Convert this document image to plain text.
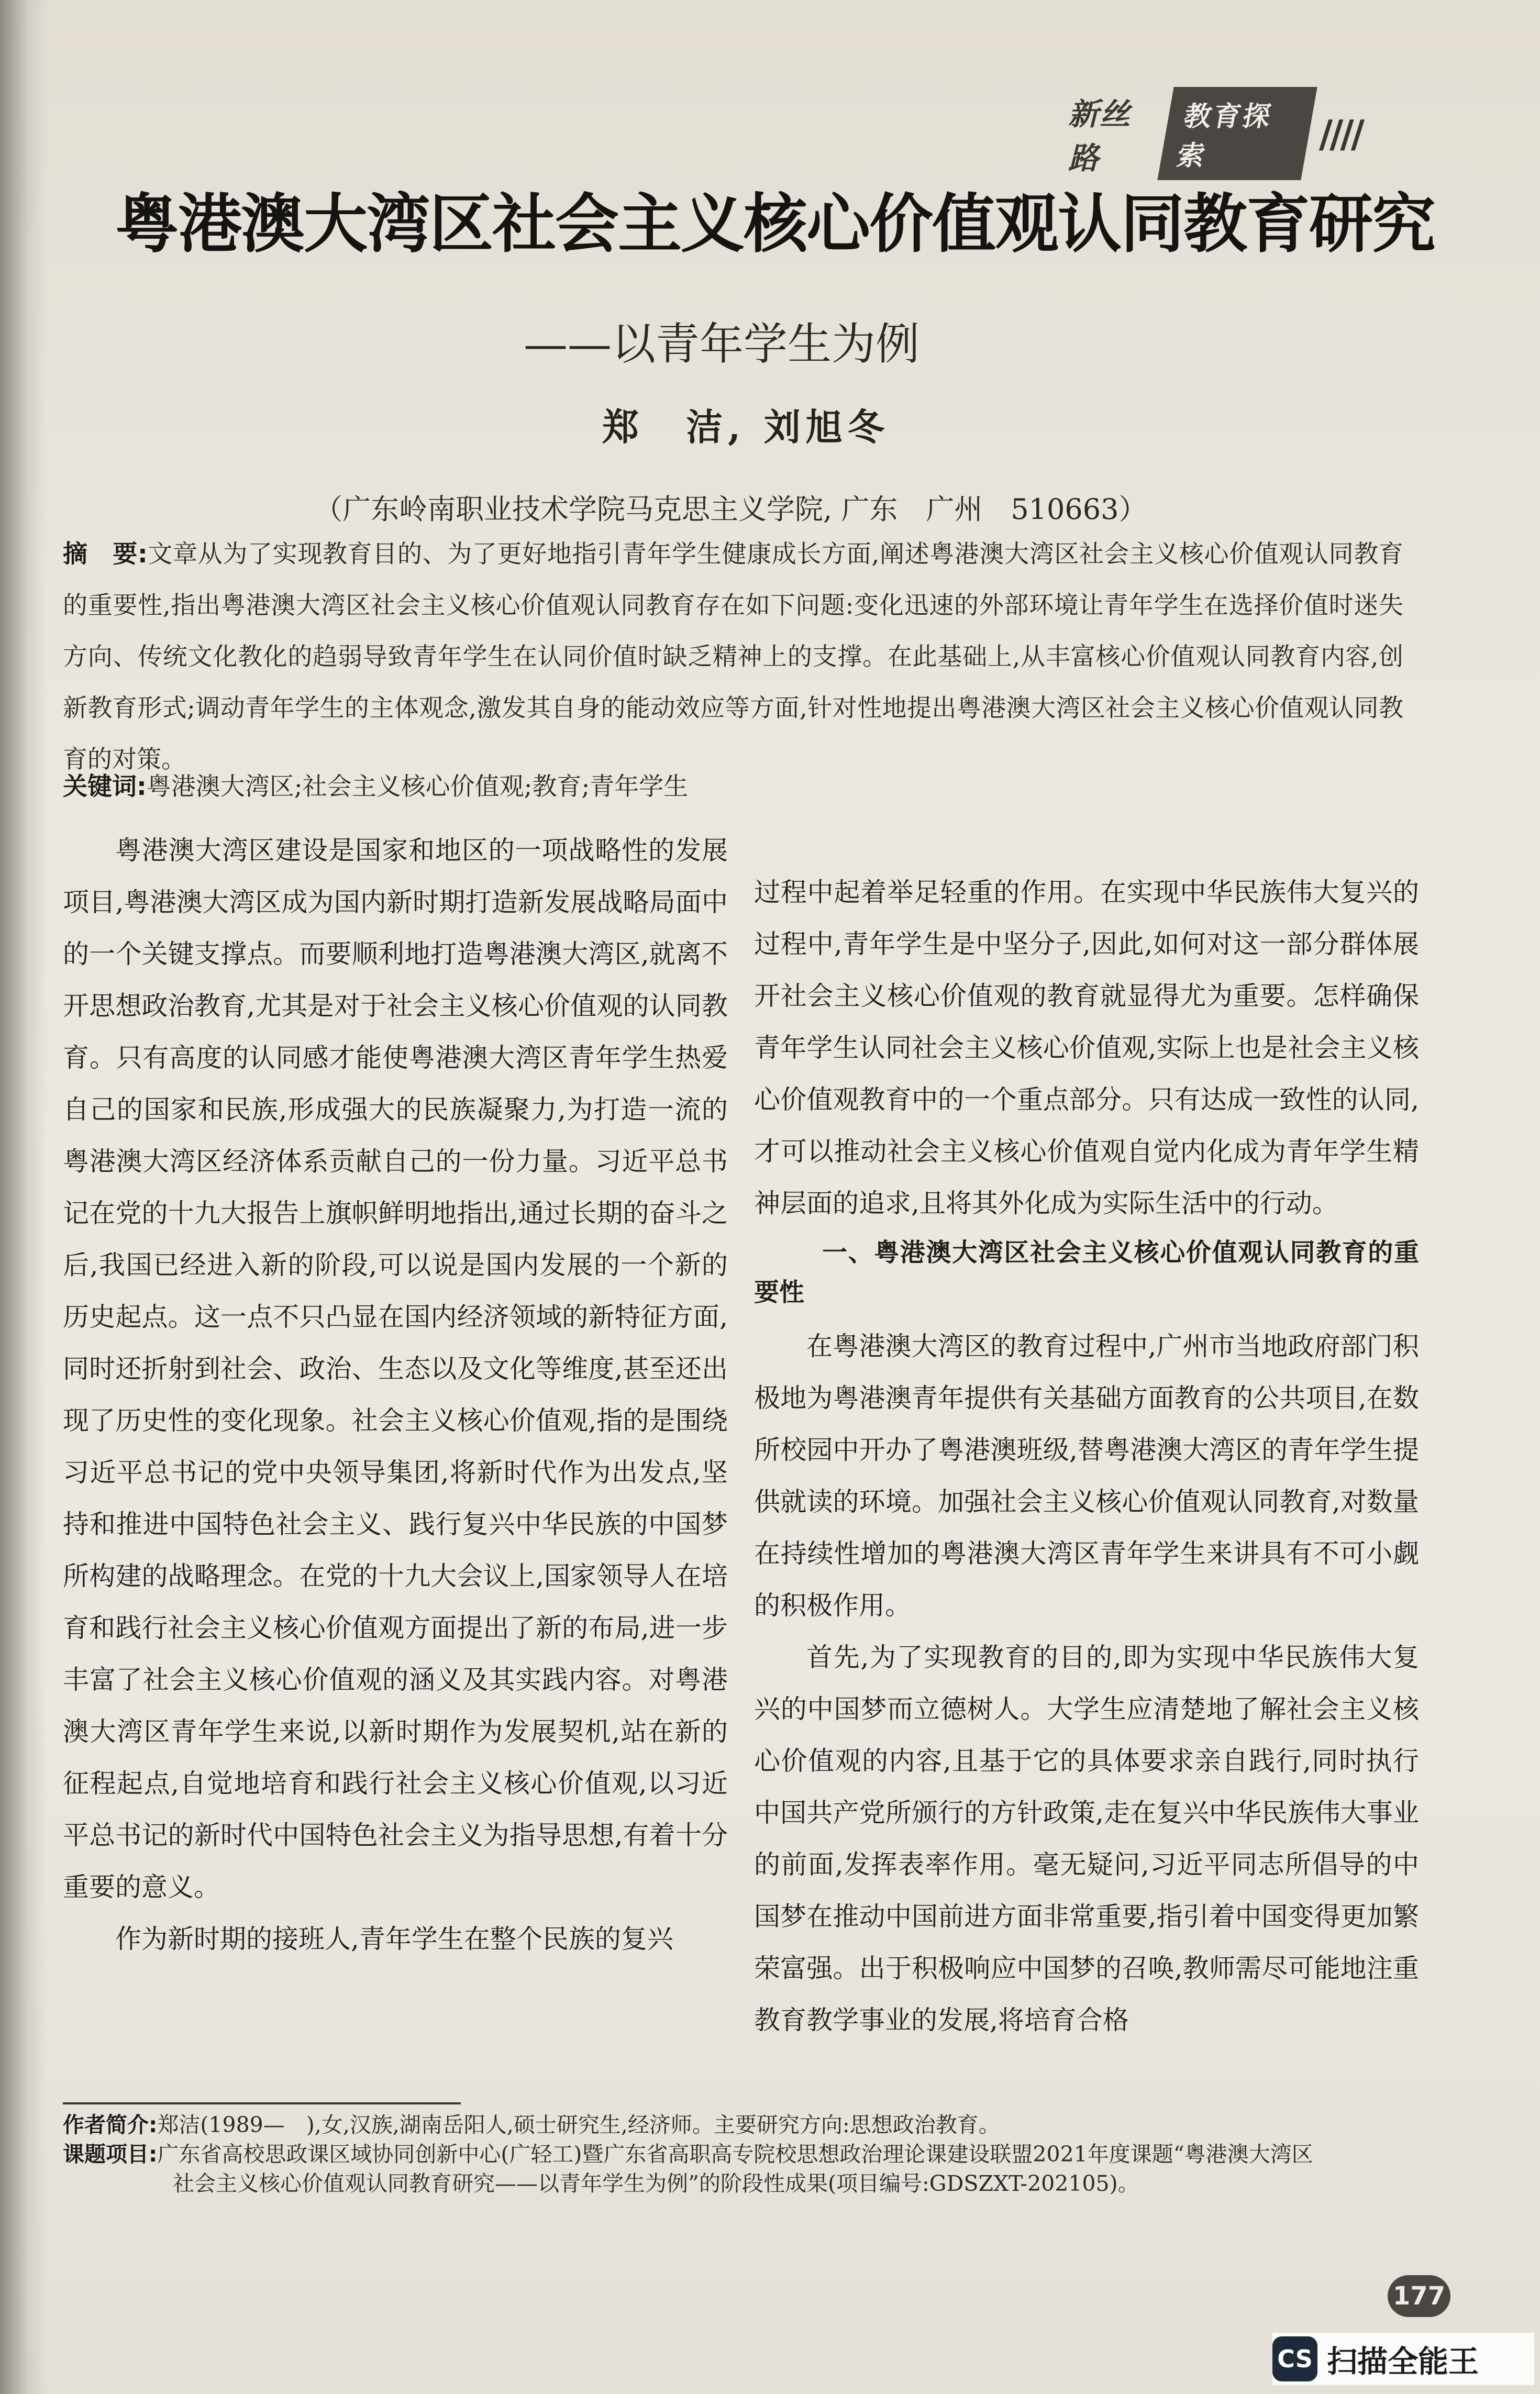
新丝路
教育探索
////
粤港澳大湾区社会主义核心价值观认同教育研究
——以青年学生为例
郑　洁, 刘旭冬
（广东岭南职业技术学院马克思主义学院, 广东　广州　510663）
摘　要:文章从为了实现教育目的、为了更好地指引青年学生健康成长方面,阐述粤港澳大湾区社会主义核心价值观认同教育的重要性,指出粤港澳大湾区社会主义核心价值观认同教育存在如下问题:变化迅速的外部环境让青年学生在选择价值时迷失方向、传统文化教化的趋弱导致青年学生在认同价值时缺乏精神上的支撑。在此基础上,从丰富核心价值观认同教育内容,创新教育形式;调动青年学生的主体观念,激发其自身的能动效应等方面,针对性地提出粤港澳大湾区社会主义核心价值观认同教育的对策。
关键词:粤港澳大湾区;社会主义核心价值观;教育;青年学生

粤港澳大湾区建设是国家和地区的一项战略性的发展项目,粤港澳大湾区成为国内新时期打造新发展战略局面中的一个关键支撑点。而要顺利地打造粤港澳大湾区,就离不开思想政治教育,尤其是对于社会主义核心价值观的认同教育。只有高度的认同感才能使粤港澳大湾区青年学生热爱自己的国家和民族,形成强大的民族凝聚力,为打造一流的粤港澳大湾区经济体系贡献自己的一份力量。习近平总书记在党的十九大报告上旗帜鲜明地指出,通过长期的奋斗之后,我国已经进入新的阶段,可以说是国内发展的一个新的历史起点。这一点不只凸显在国内经济领域的新特征方面,同时还折射到社会、政治、生态以及文化等维度,甚至还出现了历史性的变化现象。社会主义核心价值观,指的是围绕习近平总书记的党中央领导集团,将新时代作为出发点,坚持和推进中国特色社会主义、践行复兴中华民族的中国梦所构建的战略理念。在党的十九大会议上,国家领导人在培育和践行社会主义核心价值观方面提出了新的布局,进一步丰富了社会主义核心价值观的涵义及其实践内容。对粤港澳大湾区青年学生来说,以新时期作为发展契机,站在新的征程起点,自觉地培育和践行社会主义核心价值观,以习近平总书记的新时代中国特色社会主义为指导思想,有着十分重要的意义。

作为新时期的接班人,青年学生在整个民族的复兴

过程中起着举足轻重的作用。在实现中华民族伟大复兴的过程中,青年学生是中坚分子,因此,如何对这一部分群体展开社会主义核心价值观的教育就显得尤为重要。怎样确保青年学生认同社会主义核心价值观,实际上也是社会主义核心价值观教育中的一个重点部分。只有达成一致性的认同,才可以推动社会主义核心价值观自觉内化成为青年学生精神层面的追求,且将其外化成为实际生活中的行动。

一、粤港澳大湾区社会主义核心价值观认同教育的重要性

在粤港澳大湾区的教育过程中,广州市当地政府部门积极地为粤港澳青年提供有关基础方面教育的公共项目,在数所校园中开办了粤港澳班级,替粤港澳大湾区的青年学生提供就读的环境。加强社会主义核心价值观认同教育,对数量在持续性增加的粤港澳大湾区青年学生来讲具有不可小觑的积极作用。

首先,为了实现教育的目的,即为实现中华民族伟大复兴的中国梦而立德树人。大学生应清楚地了解社会主义核心价值观的内容,且基于它的具体要求亲自践行,同时执行中国共产党所颁行的方针政策,走在复兴中华民族伟大事业的前面,发挥表率作用。毫无疑问,习近平同志所倡导的中国梦在推动中国前进方面非常重要,指引着中国变得更加繁荣富强。出于积极响应中国梦的召唤,教师需尽可能地注重教育教学事业的发展,将培育合格

作者简介:郑洁(1989—　),女,汉族,湖南岳阳人,硕士研究生,经济师。主要研究方向:思想政治教育。
课题项目:广东省高校思政课区域协同创新中心(广轻工)暨广东省高职高专院校思想政治理论课建设联盟2021年度课题“粤港澳大湾区
社会主义核心价值观认同教育研究——以青年学生为例”的阶段性成果(项目编号:GDSZXT-202105)。
177
CS 扫描全能王
